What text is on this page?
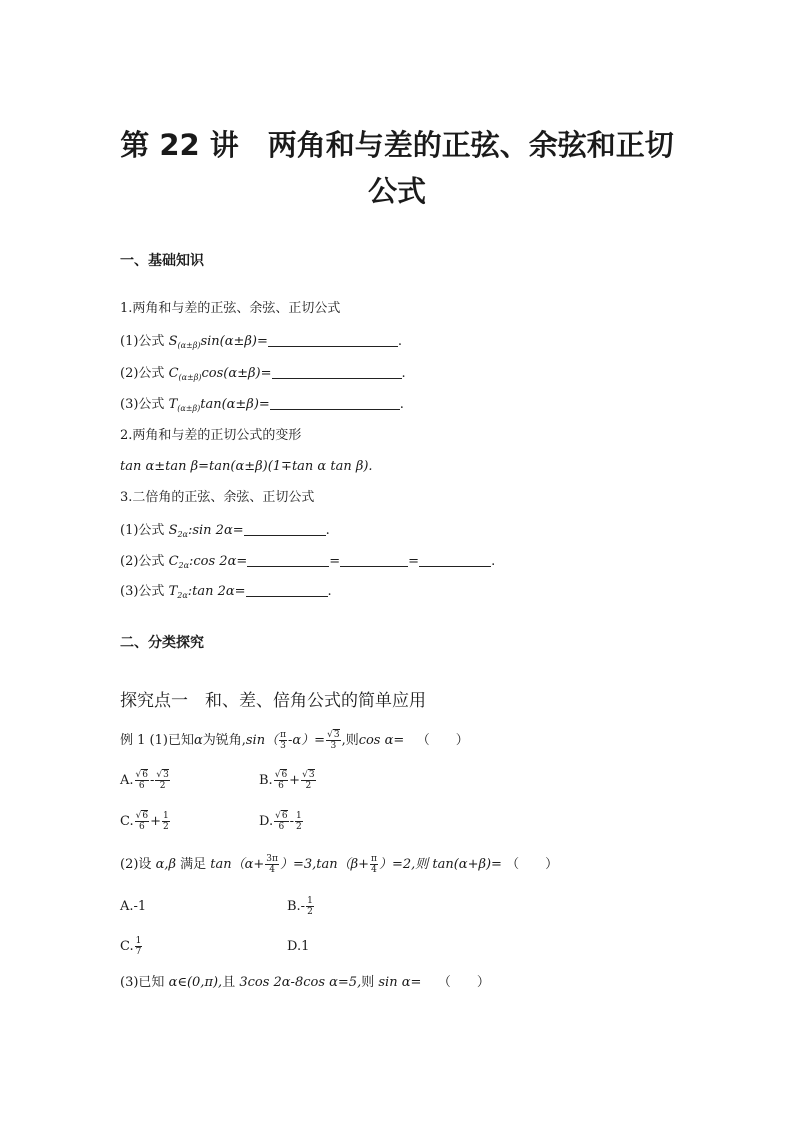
第 22 讲　两角和与差的正弦、余弦和正切
公式
一、基础知识
1.两角和与差的正弦、余弦、正切公式
(1)公式 $S_{(\alpha\pm\beta)}\sin(\alpha\pm\beta)=$	.
(2)公式 $C_{(\alpha\pm\beta)}\cos(\alpha\pm\beta)=$	.
(3)公式 $T_{(\alpha\pm\beta)}\tan(\alpha\pm\beta)=$	.
2.两角和与差的正切公式的变形
tan α±tan β=tan(α±β)(1∓tan α tan β).
3.二倍角的正弦、余弦、正切公式
(1)公式 $S_{2\alpha}:\sin$ 2α=	.
(2)公式 $C_{2\alpha}:\cos$ 2α=	=	=	.
(3)公式 $T_{2\alpha}:\tan$ 2α=	.
二、分类探究
探究点一　和、差、倍角公式的简单应用
例 1 (1)已知α为锐角$,\sin( \frac{\pi}{3} -\alpha)= \frac{√3}{3}$ ,则cos α= （　　）
A. $\frac{√6}{6} - \frac{√3}{2}$	B. $\frac{√6}{6} + \frac{√3}{2}$
C. $\frac{√6}{6} + \frac{1}{2}$	D. $\frac{√6}{6} - \frac{1}{2}$
(2)设 α,β 满足 $\tan(\alpha+ \frac{3\pi}{4} )=3,\tan(\beta+ \frac{\pi}{4} )=2$,则 tan(α+β)= （　　）
A.-1	$B.- \frac{1}{2}$
C. $\frac{1}{7}$	D.1
(3)已知 α∈(0,π),且 3cos 2α-8cos α=5,则 sin α= （　　）
